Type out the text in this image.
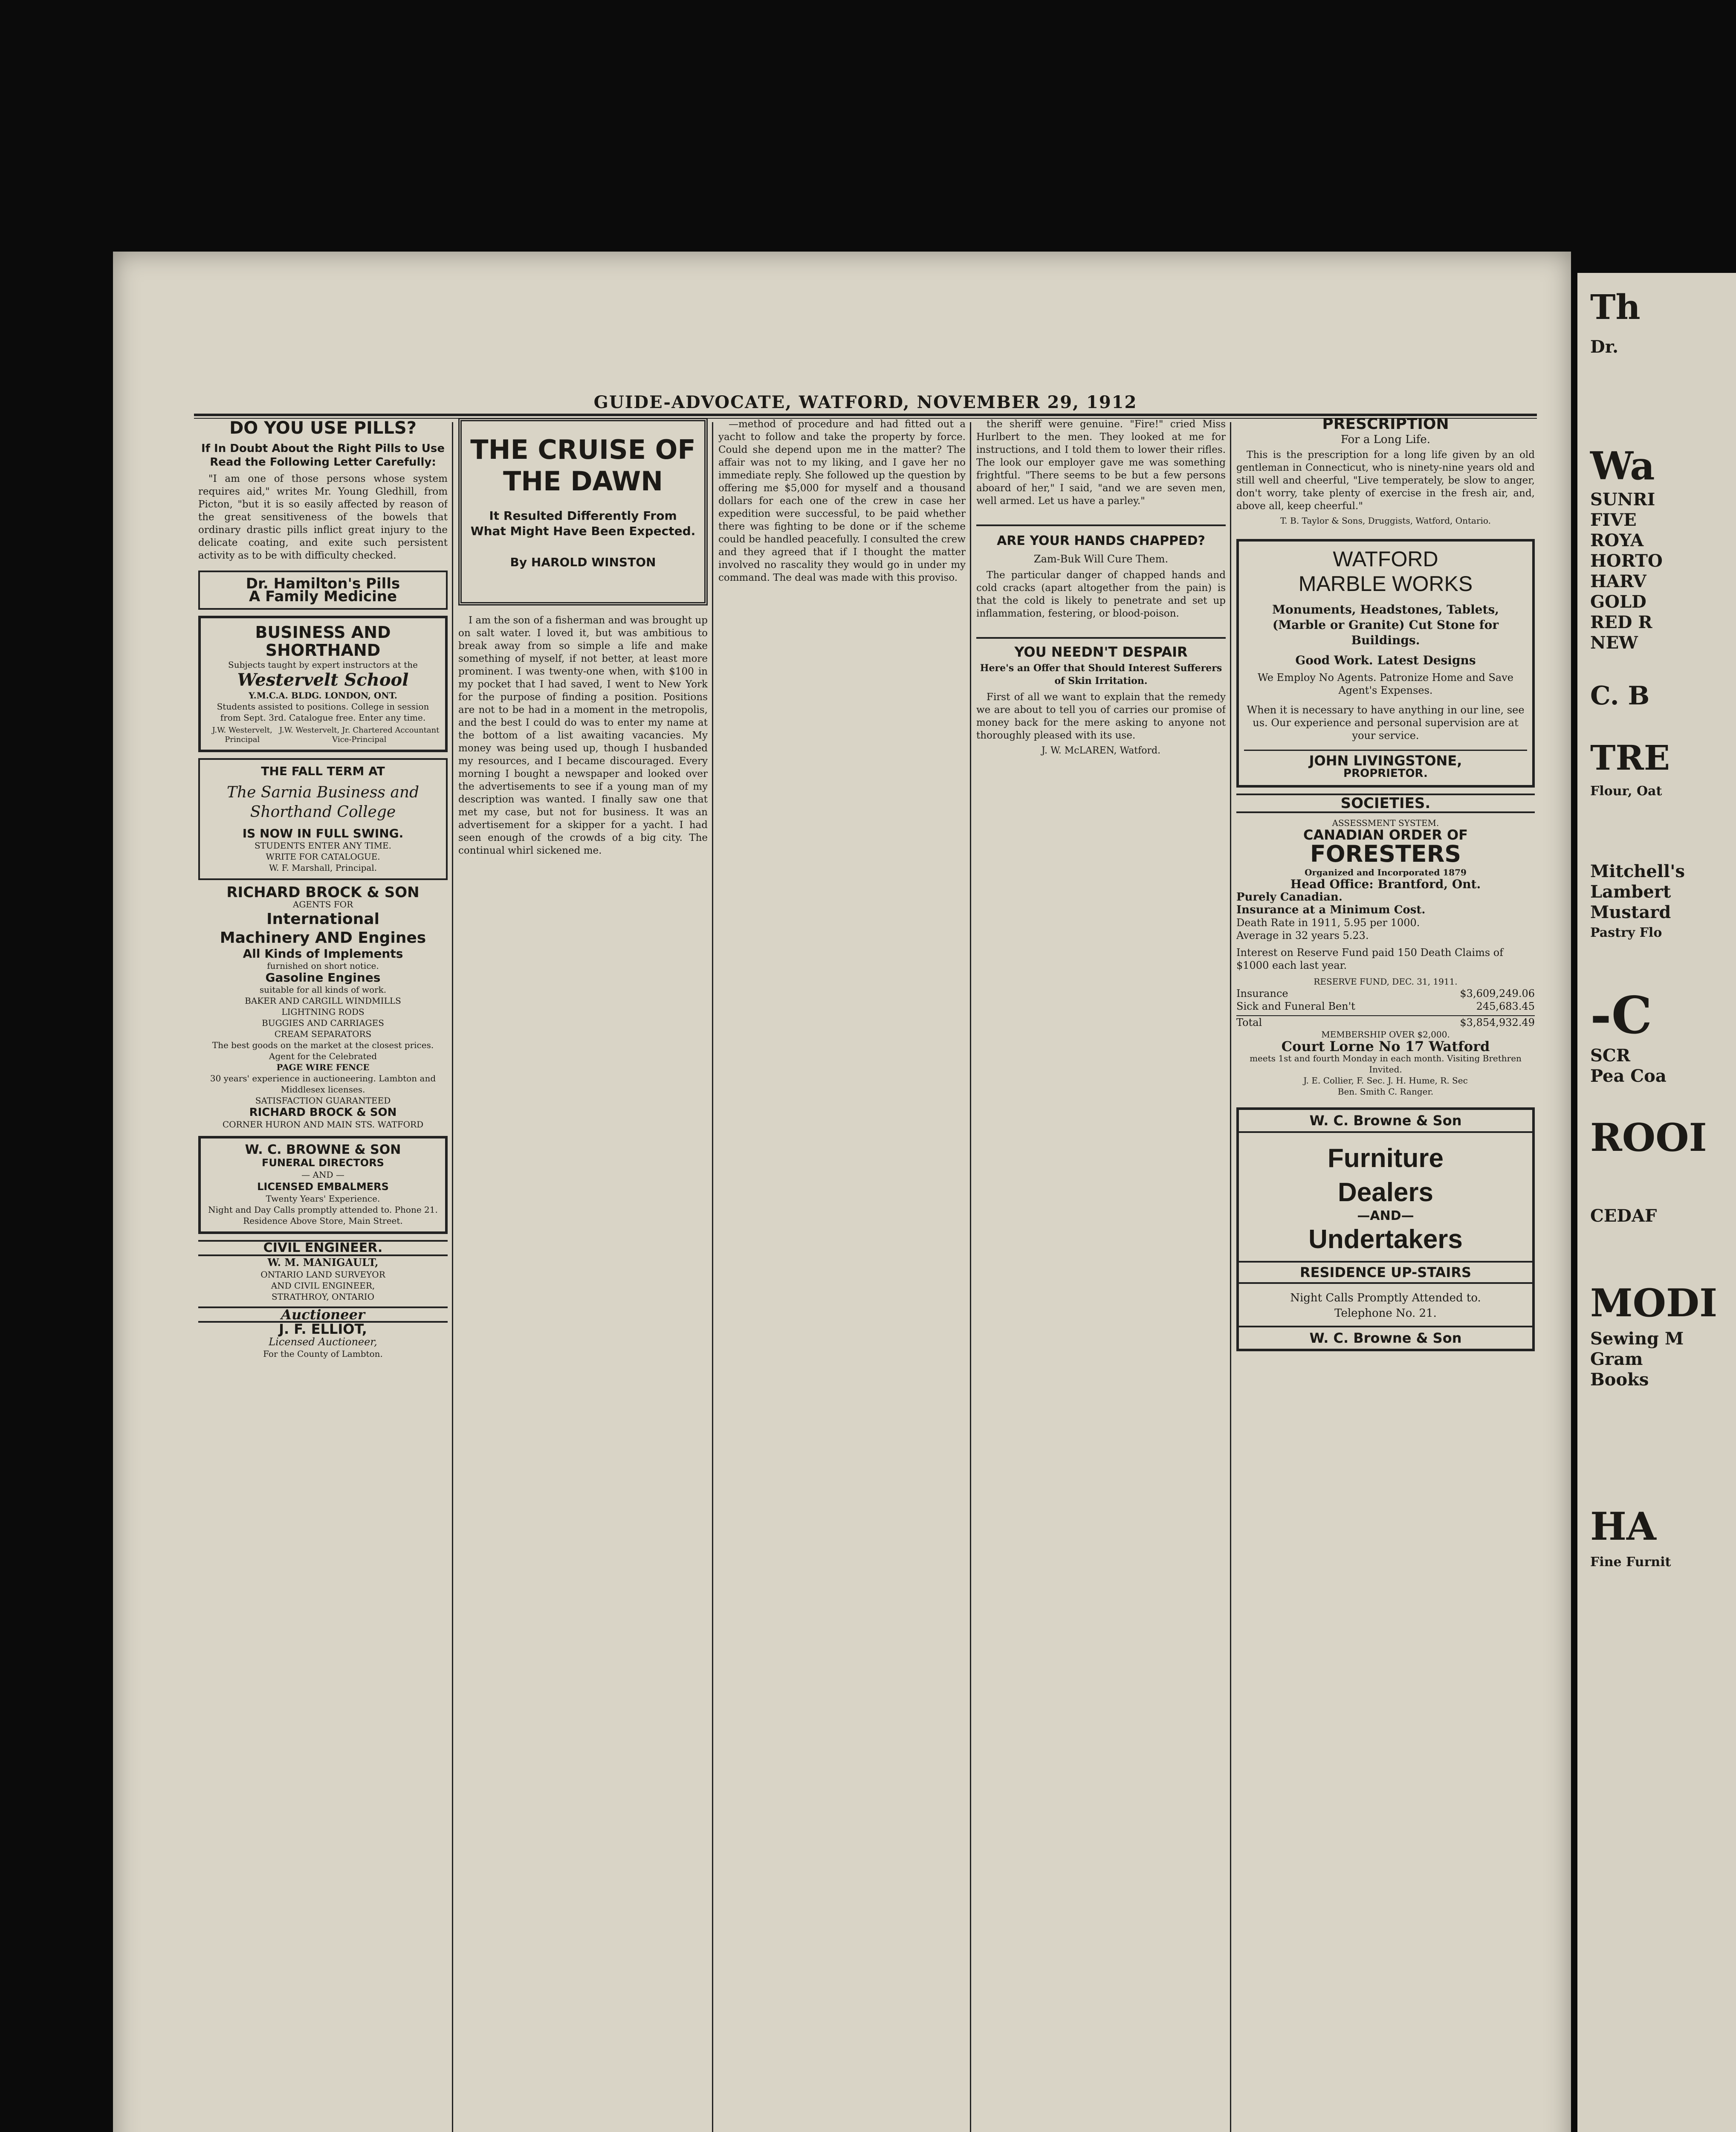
GUIDE-ADVOCATE, WATFORD, NOVEMBER 29, 1912
DO YOU USE PILLS?
If In Doubt About the Right Pills to Use Read the Following Letter Carefully:

"I am one of those persons whose system requires aid," writes Mr. Young Gledhill, from Picton, "but it is so easily affected by reason of the great sensitiveness of the bowels that ordinary drastic pills inflict great injury to the delicate coating, and exite such persistent activity as to be with difficulty checked.

Dr. Hamilton's Pills
A Family Medicine
BUSINESS AND SHORTHAND
Subjects taught by expert instructors at the
Westervelt School
Y.M.C.A. BLDG. LONDON, ONT.
Students assisted to positions. College in session from Sept. 3rd. Catalogue free. Enter any time.
J.W. Westervelt, Principal
J.W. Westervelt, Jr. Chartered Accountant Vice-Principal
THE FALL TERM AT
The Sarnia Business and Shorthand College
IS NOW IN FULL SWING.
STUDENTS ENTER ANY TIME.
WRITE FOR CATALOGUE.
W. F. Marshall, Principal.
RICHARD BROCK & SON
AGENTS FOR
International
Machinery AND Engines
All Kinds of Implements
furnished on short notice.
Gasoline Engines
suitable for all kinds of work.
BAKER AND CARGILL WINDMILLS
LIGHTNING RODS
BUGGIES AND CARRIAGES
CREAM SEPARATORS
The best goods on the market at the closest prices.
Agent for the Celebrated
PAGE WIRE FENCE
30 years' experience in auctioneering. Lambton and Middlesex licenses.
SATISFACTION GUARANTEED
RICHARD BROCK & SON
CORNER HURON AND MAIN STS. WATFORD
W. C. BROWNE & SON
FUNERAL DIRECTORS
— AND —
LICENSED EMBALMERS
Twenty Years' Experience.
Night and Day Calls promptly attended to. Phone 21.
Residence Above Store, Main Street.
CIVIL ENGINEER.
W. M. MANIGAULT,
ONTARIO LAND SURVEYOR
AND CIVIL ENGINEER,
STRATHROY, ONTARIO
Auctioneer
J. F. ELLIOT,
Licensed Auctioneer,
For the County of Lambton.
THE CRUISE OF THE DAWN
It Resulted Differently From What Might Have Been Expected.
By HAROLD WINSTON

I am the son of a fisherman and was brought up on salt water. I loved it, but was ambitious to break away from so simple a life and make something of myself, if not better, at least more prominent. I was twenty-one when, with $100 in my pocket that I had saved, I went to New York for the purpose of finding a position. Positions are not to be had in a moment in the metropolis, and the best I could do was to enter my name at the bottom of a list awaiting vacancies. My money was being used up, though I husbanded my resources, and I became discouraged. Every morning I bought a newspaper and looked over the advertisements to see if a young man of my description was wanted. I finally saw one that met my case, but not for business. It was an advertisement for a skipper for a yacht. I had seen enough of the crowds of a big city. The continual whirl sickened me.

—method of procedure and had fitted out a yacht to follow and take the property by force. Could she depend upon me in the matter? The affair was not to my liking, and I gave her no immediate reply. She followed up the question by offering me $5,000 for myself and a thousand dollars for each one of the crew in case her expedition were successful, to be paid whether there was fighting to be done or if the scheme could be handled peacefully. I consulted the crew and they agreed that if I thought the matter involved no rascality they would go in under my command. The deal was made with this proviso.

the sheriff were genuine. "Fire!" cried Miss Hurlbert to the men. They looked at me for instructions, and I told them to lower their rifles. The look our employer gave me was something frightful. "There seems to be but a few persons aboard of her," I said, "and we are seven men, well armed. Let us have a parley."

ARE YOUR HANDS CHAPPED?
Zam-Buk Will Cure Them.

The particular danger of chapped hands and cold cracks (apart altogether from the pain) is that the cold is likely to penetrate and set up inflammation, festering, or blood-poison.

YOU NEEDN'T DESPAIR
Here's an Offer that Should Interest Sufferers of Skin Irritation.

First of all we want to explain that the remedy we are about to tell you of carries our promise of money back for the mere asking to anyone not thoroughly pleased with its use.

J. W. McLAREN, Watford.
PRESCRIPTION
For a Long Life.

This is the prescription for a long life given by an old gentleman in Connecticut, who is ninety-nine years old and still well and cheerful, "Live temperately, be slow to anger, don't worry, take plenty of exercise in the fresh air, and, above all, keep cheerful."

T. B. Taylor & Sons, Druggists, Watford, Ontario.
WATFORD
MARBLE WORKS
Monuments, Headstones, Tablets, (Marble or Granite) Cut Stone for Buildings.
Good Work. Latest Designs
We Employ No Agents. Patronize Home and Save Agent's Expenses.
When it is necessary to have anything in our line, see us. Our experience and personal supervision are at your service.
JOHN LIVINGSTONE,
PROPRIETOR.
SOCIETIES.
ASSESSMENT SYSTEM.
CANADIAN ORDER OF
FORESTERS
Organized and Incorporated 1879
Head Office: Brantford, Ont.
Purely Canadian.
Insurance at a Minimum Cost.
Death Rate in 1911, 5.95 per 1000.
Average in 32 years 5.23.
Interest on Reserve Fund paid 150 Death Claims of $1000 each last year.
RESERVE FUND, DEC. 31, 1911.
Insurance	$3,609,249.06
Sick and Funeral Ben't	245,683.45
Total	$3,854,932.49
MEMBERSHIP OVER $2,000.
Court Lorne No 17 Watford
meets 1st and fourth Monday in each month. Visiting Brethren Invited.
J. E. Collier, F. Sec. J. H. Hume, R. Sec
Ben. Smith C. Ranger.
W. C. Browne & Son
Furniture
Dealers
—AND—
Undertakers
RESIDENCE UP-STAIRS
Night Calls Promptly Attended to.
Telephone No. 21.
W. C. Browne & Son
Th
Dr.
Wa
SUNRI
FIVE
ROYA
HORTO
HARV
GOLD
RED R
NEW
C. B
TRE
Flour, Oat
Mitchell's
Lambert
Mustard
Pastry Flo
-C
SCR
Pea Coa
ROOI
CEDAF
MODI
Sewing M
Gram
Books
HA
Fine Furnit
